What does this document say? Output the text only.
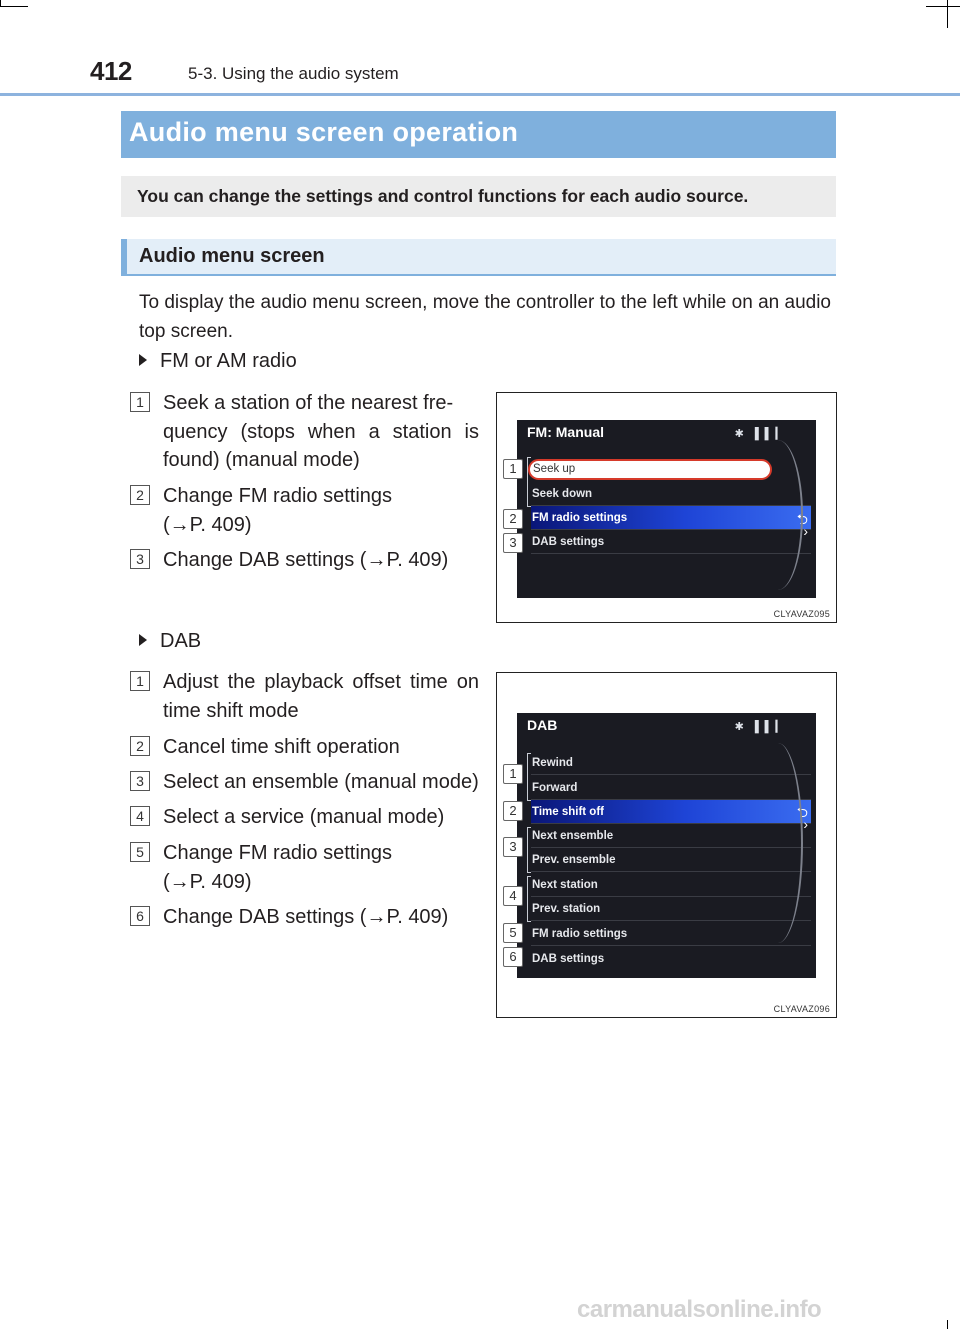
412	5-3. Using the audio system
Audio menu screen operation
You can change the settings and control functions for each audio source.
Audio menu screen
To display the audio menu screen, move the controller to the left while on an audio top screen.
FM or AM radio
1 Seek a station of the nearest fre-
quency (stops when a station is
found) (manual mode)
2 Change FM radio settings
(→P. 409)
3 Change DAB settings (→P. 409)
FM: Manual	✱ ▐▐ ▎
Seek up
Seek down
FM radio settings	⮌
›
DAB settings
1
2
3
CLYAVAZ095
DAB
1 Adjust the playback offset time on
time shift mode
2 Cancel time shift operation
3 Select an ensemble (manual mode)
4 Select a service (manual mode)
5 Change FM radio settings
(→P. 409)
6 Change DAB settings (→P. 409)
DAB	✱ ▐▐ ▎
Rewind
Forward
Time shift off	⮌
›
Next ensemble
Prev. ensemble
Next station
Prev. station
FM radio settings
DAB settings
1
2
3
4
5
6
CLYAVAZ096
carmanualsonline.info
